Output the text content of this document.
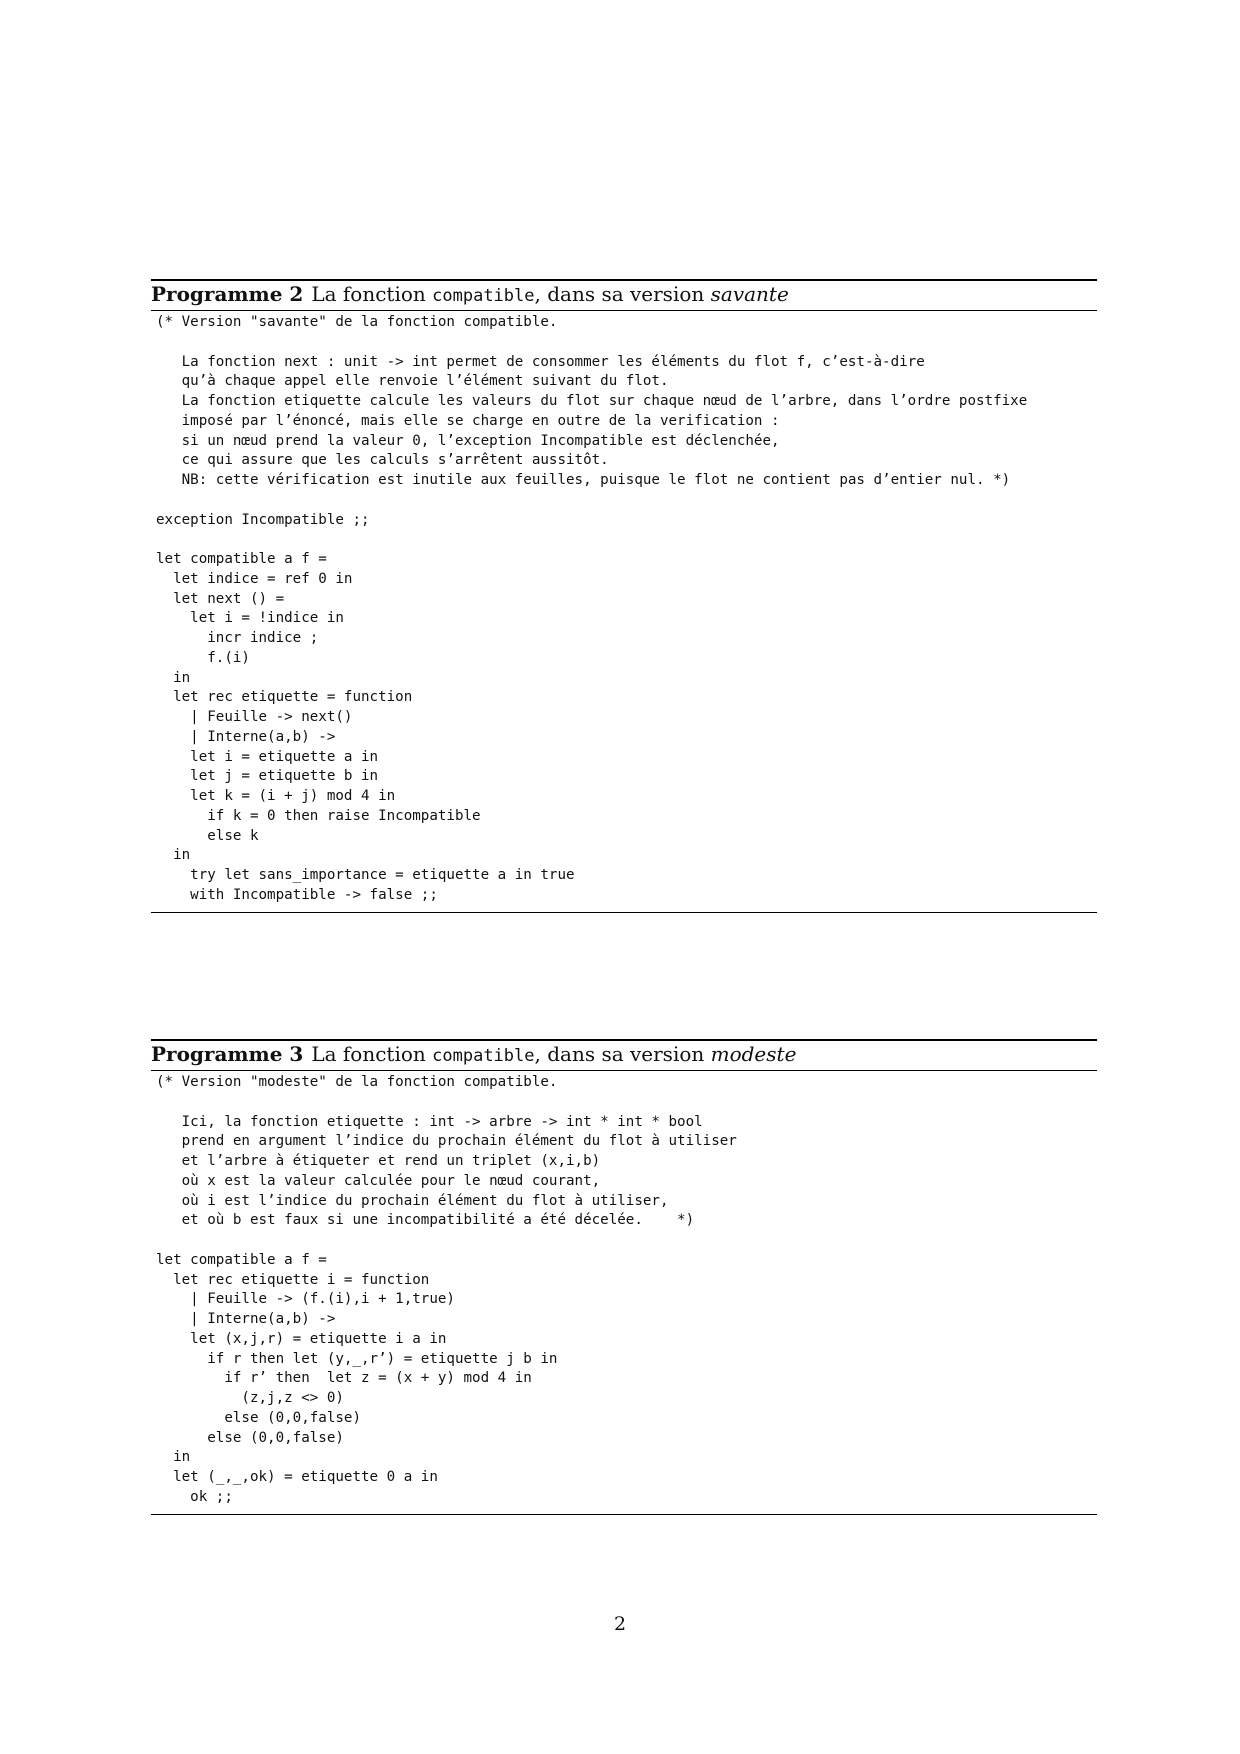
Programme 2 La fonction compatible, dans sa version savante
(* Version "savante" de la fonction compatible.

La fonction next : unit -> int permet de consommer les éléments du flot f, c’est-à-dire
qu’à chaque appel elle renvoie l’élément suivant du flot.
La fonction etiquette calcule les valeurs du flot sur chaque nœud de l’arbre, dans l’ordre postfixe
imposé par l’énoncé, mais elle se charge en outre de la verification :
si un nœud prend la valeur 0, l’exception Incompatible est déclenchée,
ce qui assure que les calculs s’arrêtent aussitôt.
NB: cette vérification est inutile aux feuilles, puisque le flot ne contient pas d’entier nul. *)

exception Incompatible ;;

let compatible a f =
let indice = ref 0 in
let next () =
let i = !indice in
incr indice ;
f.(i)
in
let rec etiquette = function
| Feuille -> next()
| Interne(a,b) ->
let i = etiquette a in
let j = etiquette b in
let k = (i + j) mod 4 in
if k = 0 then raise Incompatible
else k
in
try let sans_importance = etiquette a in true
with Incompatible -> false ;;
Programme 3 La fonction compatible, dans sa version modeste
(* Version "modeste" de la fonction compatible.

Ici, la fonction etiquette : int -> arbre -> int * int * bool
prend en argument l’indice du prochain élément du flot à utiliser
et l’arbre à étiqueter et rend un triplet (x,i,b)
où x est la valeur calculée pour le nœud courant,
où i est l’indice du prochain élément du flot à utiliser,
et où b est faux si une incompatibilité a été décelée.    *)

let compatible a f =
let rec etiquette i = function
| Feuille -> (f.(i),i + 1,true)
| Interne(a,b) ->
let (x,j,r) = etiquette i a in
if r then let (y,_,r’) = etiquette j b in
if r’ then  let z = (x + y) mod 4 in
(z,j,z <> 0)
else (0,0,false)
else (0,0,false)
in
let (_,_,ok) = etiquette 0 a in
ok ;;
2
